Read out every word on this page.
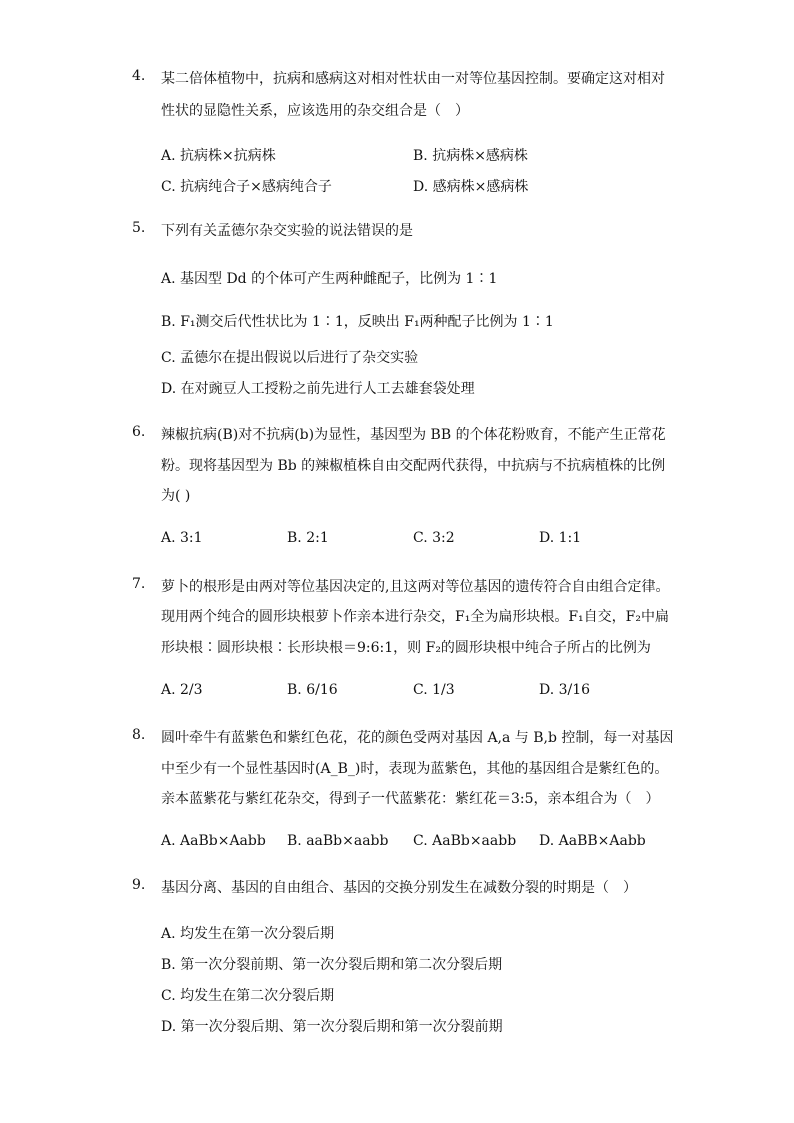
4.	某二倍体植物中，抗病和感病这对相对性状由一对等位基因控制。要确定这对相对
性状的显隐性关系，应该选用的杂交组合是（　）
A. 抗病株×抗病株	B. 抗病株×感病株
C. 抗病纯合子×感病纯合子	D. 感病株×感病株
5.	下列有关孟德尔杂交实验的说法错误的是
A. 基因型 Dd 的个体可产生两种雌配子，比例为 1∶1
B. F₁测交后代性状比为 1∶1，反映出 F₁两种配子比例为 1∶1
C. 孟德尔在提出假说以后进行了杂交实验
D. 在对豌豆人工授粉之前先进行人工去雄套袋处理
6.	辣椒抗病(B)对不抗病(b)为显性，基因型为 BB 的个体花粉败育，不能产生正常花
粉。现将基因型为 Bb 的辣椒植株自由交配两代获得，中抗病与不抗病植株的比例
为( )
A. 3:1	B. 2:1	C. 3:2	D. 1:1
7.	萝卜的根形是由两对等位基因决定的,且这两对等位基因的遗传符合自由组合定律。
现用两个纯合的圆形块根萝卜作亲本进行杂交，F₁全为扁形块根。F₁自交，F₂中扁
形块根∶圆形块根∶长形块根＝9:6:1，则 F₂的圆形块根中纯合子所占的比例为
A. 2/3	B. 6/16	C. 1/3	D. 3/16
8.	圆叶牵牛有蓝紫色和紫红色花，花的颜色受两对基因 A,a 与 B,b 控制，每一对基因
中至少有一个显性基因时(A_B_)时，表现为蓝紫色，其他的基因组合是紫红色的。
亲本蓝紫花与紫红花杂交，得到子一代蓝紫花：紫红花＝3:5，亲本组合为（　）
A. AaBb×Aabb B. aaBb×aabb C. AaBb×aabb D. AaBB×Aabb
9.	基因分离、基因的自由组合、基因的交换分别发生在减数分裂的时期是（　）
A. 均发生在第一次分裂后期
B. 第一次分裂前期、第一次分裂后期和第二次分裂后期
C. 均发生在第二次分裂后期
D. 第一次分裂后期、第一次分裂后期和第一次分裂前期
